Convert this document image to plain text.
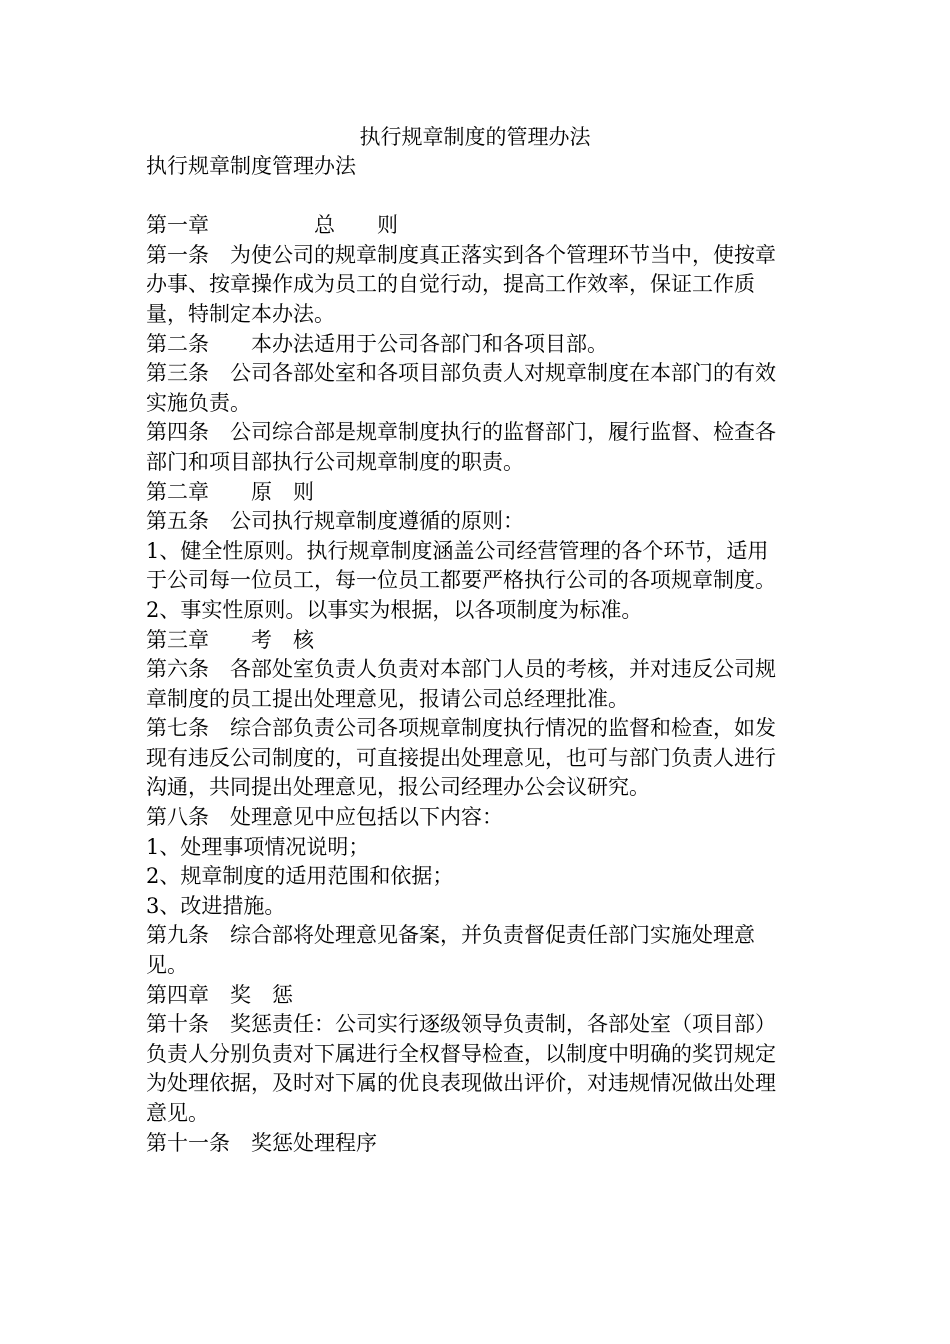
执行规章制度的管理办法

执行规章制度管理办法

第一章　　　　　总　　则

第一条　为使公司的规章制度真正落实到各个管理环节当中，使按章办事、按章操作成为员工的自觉行动，提高工作效率，保证工作质量，特制定本办法。

第二条　　本办法适用于公司各部门和各项目部。

第三条　公司各部处室和各项目部负责人对规章制度在本部门的有效实施负责。

第四条　公司综合部是规章制度执行的监督部门，履行监督、检查各部门和项目部执行公司规章制度的职责。

第二章　　原　则

第五条　公司执行规章制度遵循的原则：

1、健全性原则。执行规章制度涵盖公司经营管理的各个环节，适用于公司每一位员工，每一位员工都要严格执行公司的各项规章制度。

2、事实性原则。以事实为根据，以各项制度为标准。

第三章　　考　核

第六条　各部处室负责人负责对本部门人员的考核，并对违反公司规章制度的员工提出处理意见，报请公司总经理批准。

第七条　综合部负责公司各项规章制度执行情况的监督和检查，如发现有违反公司制度的，可直接提出处理意见，也可与部门负责人进行沟通，共同提出处理意见，报公司经理办公会议研究。

第八条　处理意见中应包括以下内容：

1、处理事项情况说明；

2、规章制度的适用范围和依据；

3、改进措施。

第九条　综合部将处理意见备案，并负责督促责任部门实施处理意见。

第四章　奖　惩

第十条　奖惩责任：公司实行逐级领导负责制，各部处室（项目部）负责人分别负责对下属进行全权督导检查，以制度中明确的奖罚规定为处理依据，及时对下属的优良表现做出评价，对违规情况做出处理意见。

第十一条　奖惩处理程序
